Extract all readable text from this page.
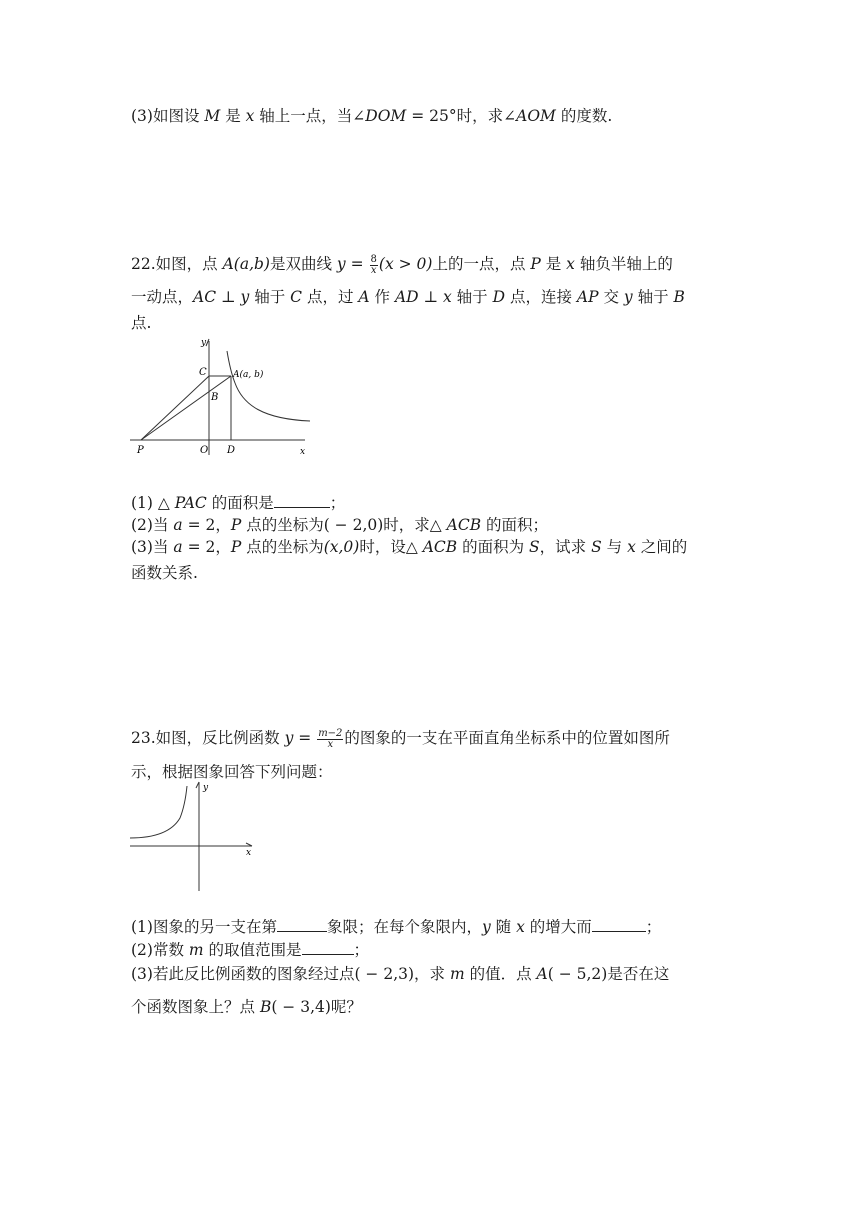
(3)如图设 M 是 x 轴上一点，当∠DOM = 25°时，求∠AOM 的度数.
22.如图，点 A(a,b)是双曲线 $y = \frac{8}{x} (x > 0)$上的一点，点 P 是 x 轴负半轴上的
一动点，AC ⊥ y 轴于 C 点，过 A 作 AD ⊥ x 轴于 D 点，连接 AP 交 y 轴于 B
点.
y
x
C	A(a, b)
B
P	O D
(1) △ PAC 的面积是	；
(2)当 a = 2，P 点的坐标为( − 2,0)时，求△ ACB 的面积；
(3)当 a = 2，P 点的坐标为(x,0)时，设△ ACB 的面积为 S，试求 S 与 x 之间的
函数关系.
23.如图，反比例函数 $y = \frac{m-2}{x}$ 的图象的一支在平面直角坐标系中的位置如图所
示，根据图象回答下列问题：
y
x
(1)图象的另一支在第	象限；在每个象限内，y 随 x 的增大而	；
(2)常数 m 的取值范围是	；
(3)若此反比例函数的图象经过点( − 2,3)，求 m 的值．点 A( − 5,2)是否在这
个函数图象上？点 B( − 3,4)呢？
